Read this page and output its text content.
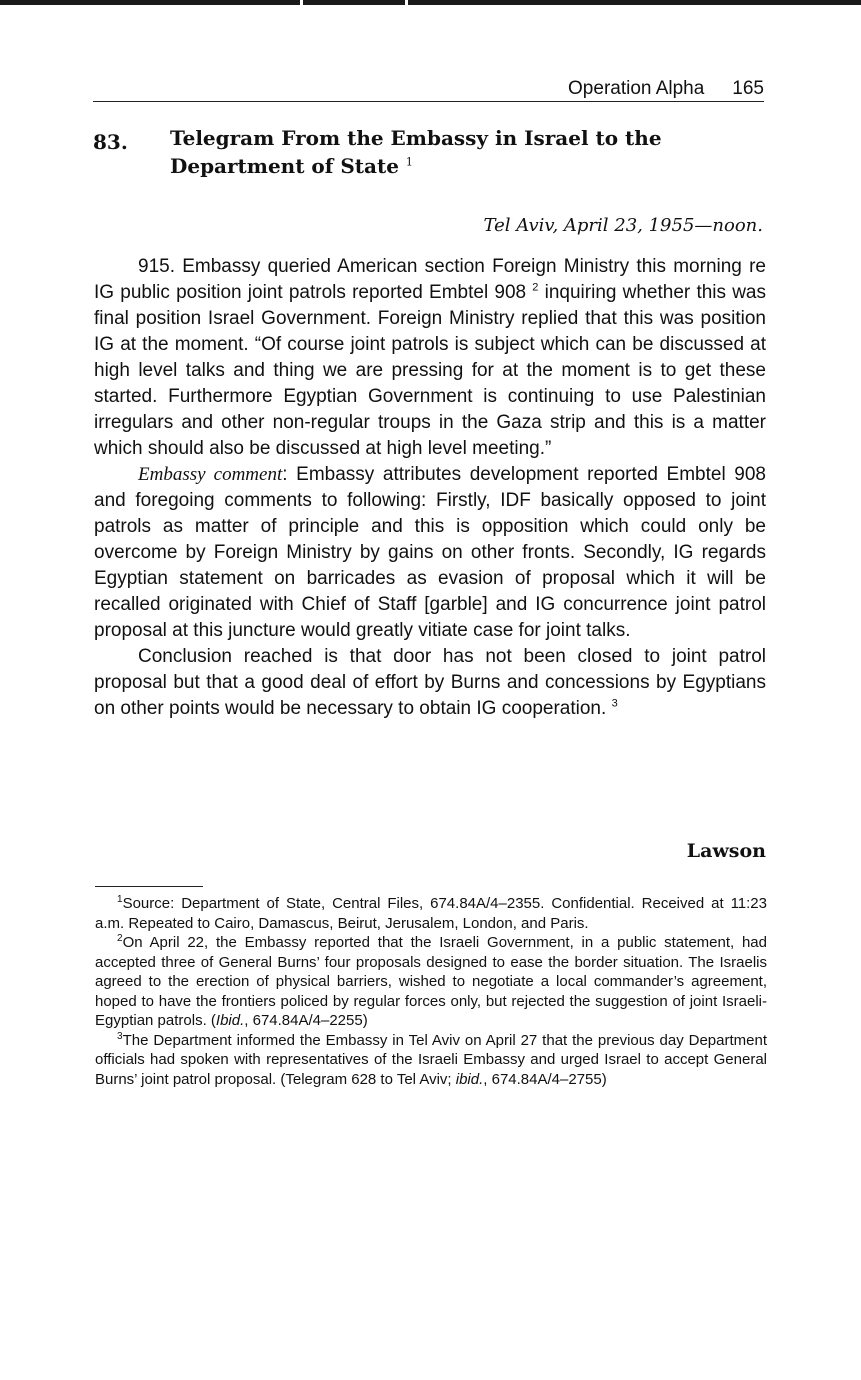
Operation Alpha 165
83. Telegram From the Embassy in Israel to the Department of State $^1$
Tel Aviv, April 23, 1955—noon.

915. Embassy queried American section Foreign Ministry this morning re IG public position joint patrols reported Embtel 908 $^2$ inquiring whether this was final position Israel Government. Foreign Ministry replied that this was position IG at the moment. “Of course joint patrols is subject which can be discussed at high level talks and thing we are pressing for at the moment is to get these started. Furthermore Egyptian Government is continuing to use Palestinian irregulars and other non-regular troups in the Gaza strip and this is a matter which should also be discussed at high level meeting.”

Embassy comment: Embassy attributes development reported Embtel 908 and foregoing comments to following: Firstly, IDF basically opposed to joint patrols as matter of principle and this is opposition which could only be overcome by Foreign Ministry by gains on other fronts. Secondly, IG regards Egyptian statement on barricades as evasion of proposal which it will be recalled originated with Chief of Staff [garble] and IG concurrence joint patrol proposal at this juncture would greatly vitiate case for joint talks.

Conclusion reached is that door has not been closed to joint patrol proposal but that a good deal of effort by Burns and concessions by Egyptians on other points would be necessary to obtain IG cooperation. $^3$

Lawson

$^1$Source: Department of State, Central Files, 674.84A/4–2355. Confidential. Received at 11:23 a.m. Repeated to Cairo, Damascus, Beirut, Jerusalem, London, and Paris.

$^2$On April 22, the Embassy reported that the Israeli Government, in a public statement, had accepted three of General Burns’ four proposals designed to ease the border situation. The Israelis agreed to the erection of physical barriers, wished to negotiate a local commander’s agreement, hoped to have the frontiers policed by regular forces only, but rejected the suggestion of joint Israeli-Egyptian patrols. (Ibid., 674.84A/4–2255)

$^3$The Department informed the Embassy in Tel Aviv on April 27 that the previous day Department officials had spoken with representatives of the Israeli Embassy and urged Israel to accept General Burns’ joint patrol proposal. (Telegram 628 to Tel Aviv; ibid., 674.84A/4–2755)
